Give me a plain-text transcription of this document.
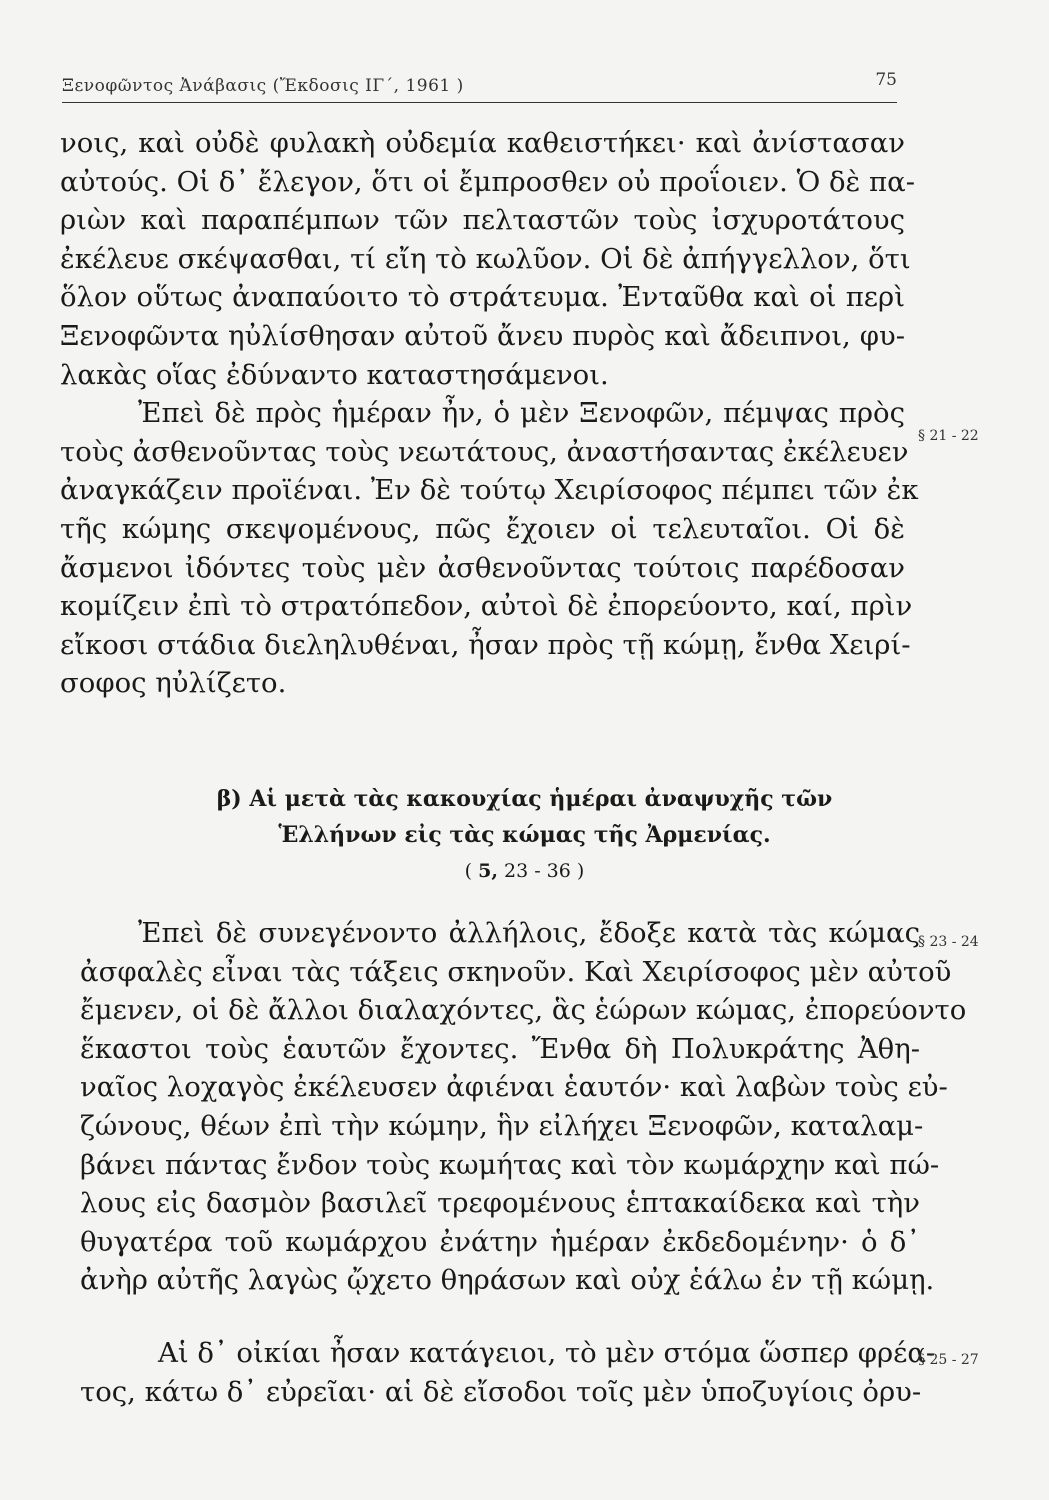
Ξενοφῶντος Ἀνάβασις (Ἔκδοσις ΙΓ΄, 1961 )	75
νοις, καὶ οὐδὲ φυλακὴ οὐδεμία καθειστήκει· καὶ ἀνίστασαν
αὐτούς. Οἱ δ᾽ ἔλεγον, ὅτι οἱ ἔμπροσθεν οὐ προΐοιεν. Ὁ δὲ πα-
ριὼν καὶ παραπέμπων τῶν πελταστῶν τοὺς ἰσχυροτάτους
ἐκέλευε σκέψασθαι, τί εἴη τὸ κωλῦον. Οἱ δὲ ἀπήγγελλον, ὅτι
ὅλον οὕτως ἀναπαύοιτο τὸ στράτευμα. Ἐνταῦθα καὶ οἱ περὶ
Ξενοφῶντα ηὐλίσθησαν αὐτοῦ ἄνευ πυρὸς καὶ ἄδειπνοι, φυ-
λακὰς οἵας ἐδύναντο καταστησάμενοι.
Ἐπεὶ δὲ πρὸς ἡμέραν ἦν, ὁ μὲν Ξενοφῶν, πέμψας πρὸς
τοὺς ἀσθενοῦντας τοὺς νεωτάτους, ἀναστήσαντας ἐκέλευεν
ἀναγκάζειν προϊέναι. Ἐν δὲ τούτῳ Χειρίσοφος πέμπει τῶν ἐκ
τῆς κώμης σκεψομένους, πῶς ἔχοιεν οἱ τελευταῖοι. Οἱ δὲ
ἄσμενοι ἰδόντες τοὺς μὲν ἀσθενοῦντας τούτοις παρέδοσαν
κομίζειν ἐπὶ τὸ στρατόπεδον, αὐτοὶ δὲ ἐπορεύοντο, καί, πρὶν
εἴκοσι στάδια διεληλυθέναι, ἦσαν πρὸς τῇ κώμῃ, ἔνθα Χειρί-
σοφος ηὐλίζετο.
§ 21 - 22
β) Αἱ μετὰ τὰς κακουχίας ἡμέραι ἀναψυχῆς τῶν
Ἑλλήνων εἰς τὰς κώμας τῆς Ἀρμενίας.
( 5, 23 - 36 )
Ἐπεὶ δὲ συνεγένοντο ἀλλήλοις, ἔδοξε κατὰ τὰς κώμας
ἀσφαλὲς εἶναι τὰς τάξεις σκηνοῦν. Καὶ Χειρίσοφος μὲν αὐτοῦ
ἔμενεν, οἱ δὲ ἄλλοι διαλαχόντες, ἃς ἑώρων κώμας, ἐπορεύοντο
ἕκαστοι τοὺς ἑαυτῶν ἔχοντες. Ἔνθα δὴ Πολυκράτης Ἀθη-
ναῖος λοχαγὸς ἐκέλευσεν ἀφιέναι ἑαυτόν· καὶ λαβὼν τοὺς εὐ-
ζώνους, θέων ἐπὶ τὴν κώμην, ἣν εἰλήχει Ξενοφῶν, καταλαμ-
βάνει πάντας ἔνδον τοὺς κωμήτας καὶ τὸν κωμάρχην καὶ πώ-
λους εἰς δασμὸν βασιλεῖ τρεφομένους ἑπτακαίδεκα καὶ τὴν
θυγατέρα τοῦ κωμάρχου ἐνάτην ἡμέραν ἐκδεδομένην· ὁ δ᾽
ἀνὴρ αὐτῆς λαγὼς ᾤχετο θηράσων καὶ οὐχ ἑάλω ἐν τῇ κώμῃ.
§ 23 - 24
Αἱ δ᾽ οἰκίαι ἦσαν κατάγειοι, τὸ μὲν στόμα ὥσπερ φρέα-
τος, κάτω δ᾽ εὐρεῖαι· αἱ δὲ εἴσοδοι τοῖς μὲν ὑποζυγίοις ὀρυ-
§ 25 - 27
